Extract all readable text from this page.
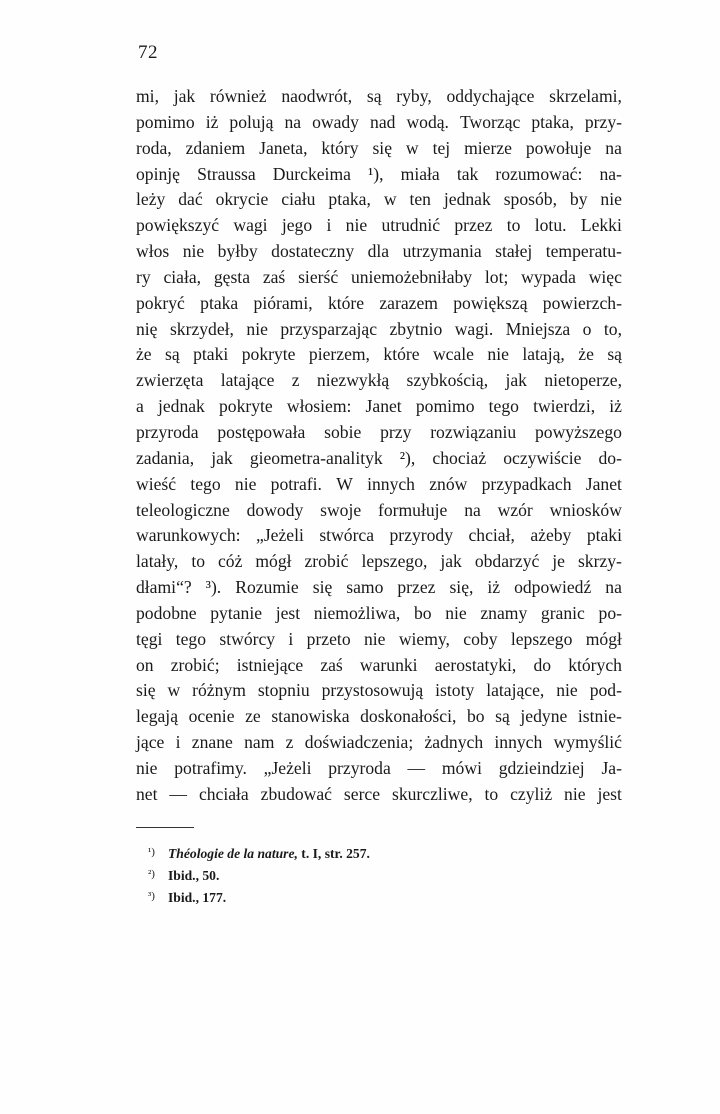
72
mi, jak również naodwrót, są ryby, oddychające skrzelami,
pomimo iż polują na owady nad wodą. Tworząc ptaka, przy-
roda, zdaniem Janeta, który się w tej mierze powołuje na
opinję Straussa Durckeima ¹), miała tak rozumować: na-
leży dać okrycie ciału ptaka, w ten jednak sposób, by nie
powiększyć wagi jego i nie utrudnić przez to lotu. Lekki
włos nie byłby dostateczny dla utrzymania stałej temperatu-
ry ciała, gęsta zaś sierść uniemożebniłaby lot; wypada więc
pokryć ptaka piórami, które zarazem powiększą powierzch-
nię skrzydeł, nie przysparzając zbytnio wagi. Mniejsza o to,
że są ptaki pokryte pierzem, które wcale nie latają, że są
zwierzęta latające z niezwykłą szybkością, jak nietoperze,
a jednak pokryte włosiem: Janet pomimo tego twierdzi, iż
przyroda postępowała sobie przy rozwiązaniu powyższego
zadania, jak gieometra-analityk ²), chociaż oczywiście do-
wieść tego nie potrafi. W innych znów przypadkach Janet
teleologiczne dowody swoje formułuje na wzór wniosków
warunkowych: „Jeżeli stwórca przyrody chciał, ażeby ptaki
latały, to cóż mógł zrobić lepszego, jak obdarzyć je skrzy-
dłami“? ³). Rozumie się samo przez się, iż odpowiedź na
podobne pytanie jest niemożliwa, bo nie znamy granic po-
tęgi tego stwórcy i przeto nie wiemy, coby lepszego mógł
on zrobić; istniejące zaś warunki aerostatyki, do których
się w różnym stopniu przystosowują istoty latające, nie pod-
legają ocenie ze stanowiska doskonałości, bo są jedyne istnie-
jące i znane nam z doświadczenia; żadnych innych wymyślić
nie potrafimy. „Jeżeli przyroda — mówi gdzieindziej Ja-
net — chciała zbudować serce skurczliwe, to czyliż nie jest
¹) Théologie de la nature, t. I, str. 257.
²) Ibid., 50.
³) Ibid., 177.
